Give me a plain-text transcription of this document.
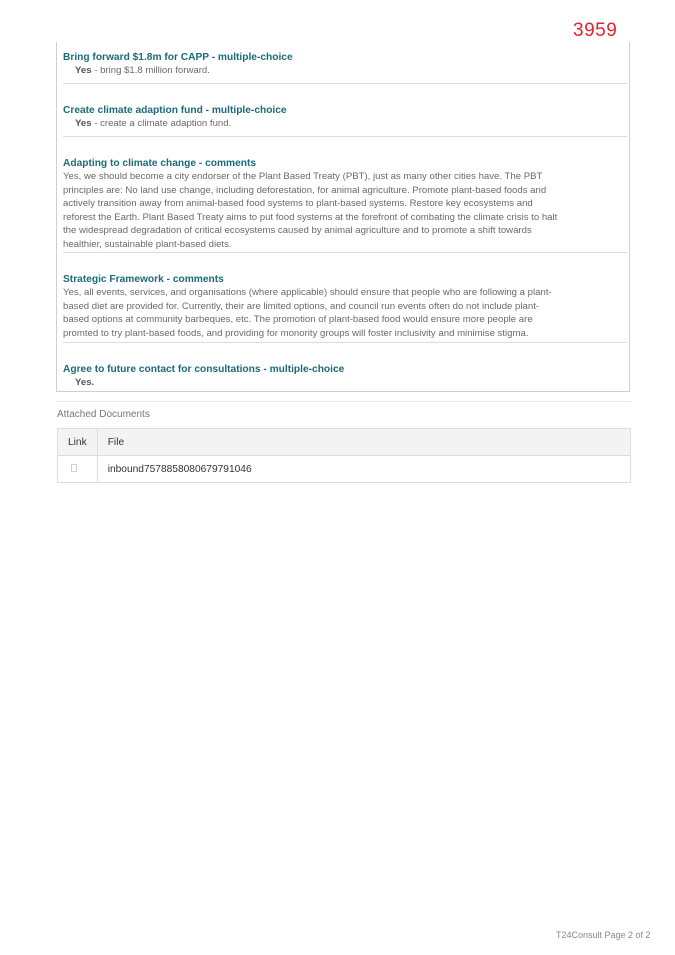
3959
Bring forward $1.8m for CAPP - multiple-choice
Yes - bring $1.8 million forward.
Create climate adaption fund - multiple-choice
Yes - create a climate adaption fund.
Adapting to climate change - comments
Yes, we should become a city endorser of the Plant Based Treaty (PBT), just as many other cities have. The PBT
principles are: No land use change, including deforestation, for animal agriculture. Promote plant-based foods and
actively transition away from animal-based food systems to plant-based systems. Restore key ecosystems and
reforest the Earth. Plant Based Treaty aims to put food systems at the forefront of combating the climate crisis to halt
the widespread degradation of critical ecosystems caused by animal agriculture and to promote a shift towards
healthier, sustainable plant-based diets.
Strategic Framework - comments
Yes, all events, services, and organisations (where applicable) should ensure that people who are following a plant-
based diet are provided for. Currently, their are limited options, and council run events often do not include plant-
based options at community barbeques, etc. The promotion of plant-based food would ensure more people are
promted to try plant-based foods, and providing for monority groups will foster inclusivity and minimise stigma.
Agree to future contact for consultations - multiple-choice
Yes.
Attached Documents
Link	File
	inbound7578858080679791046
T24Consult Page 2 of 2
